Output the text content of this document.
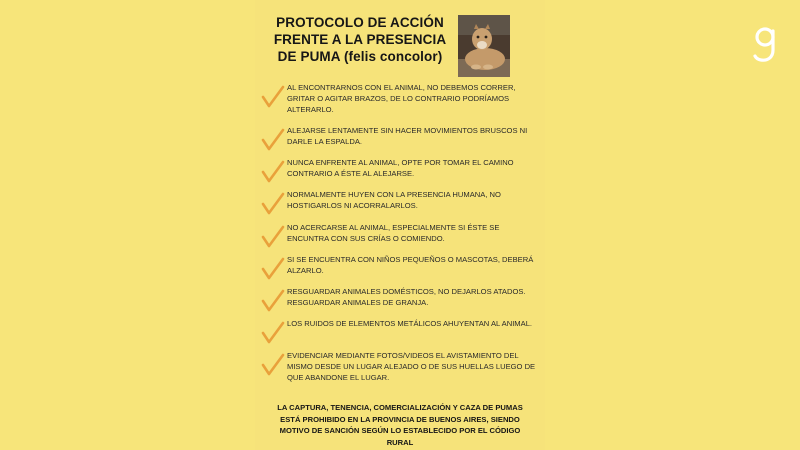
PROTOCOLO DE ACCIÓN FRENTE A LA PRESENCIA DE PUMA (felis concolor)
AL ENCONTRARNOS CON EL ANIMAL, NO DEBEMOS CORRER, GRITAR O AGITAR BRAZOS, DE LO CONTRARIO PODRÍAMOS ALTERARLO.
ALEJARSE LENTAMENTE SIN HACER MOVIMIENTOS BRUSCOS NI DARLE LA ESPALDA.
NUNCA ENFRENTE AL ANIMAL, OPTE POR TOMAR EL CAMINO CONTRARIO A ÉSTE AL ALEJARSE.
NORMALMENTE HUYEN CON LA PRESENCIA HUMANA, NO HOSTIGARLOS NI ACORRALARLOS.
NO ACERCARSE AL ANIMAL, ESPECIALMENTE SI ÉSTE SE ENCUNTRA CON SUS CRÍAS O COMIENDO.
SI SE ENCUENTRA CON NIÑOS PEQUEÑOS O MASCOTAS, DEBERÁ ALZARLO.
RESGUARDAR ANIMALES DOMÉSTICOS, NO DEJARLOS ATADOS. RESGUARDAR ANIMALES DE GRANJA.
LOS RUIDOS DE ELEMENTOS METÁLICOS AHUYENTAN AL ANIMAL.
EVIDENCIAR MEDIANTE FOTOS/VIDEOS EL AVISTAMIENTO DEL MISMO DESDE UN LUGAR ALEJADO O DE SUS HUELLAS LUEGO DE QUE ABANDONE EL LUGAR.
LA CAPTURA, TENENCIA, COMERCIALIZACIÓN Y CAZA DE PUMAS ESTÁ PROHIBIDO EN LA PROVINCIA DE BUENOS AIRES, SIENDO MOTIVO DE SANCIÓN SEGÚN LO ESTABLECIDO POR EL CÓDIGO RURAL
